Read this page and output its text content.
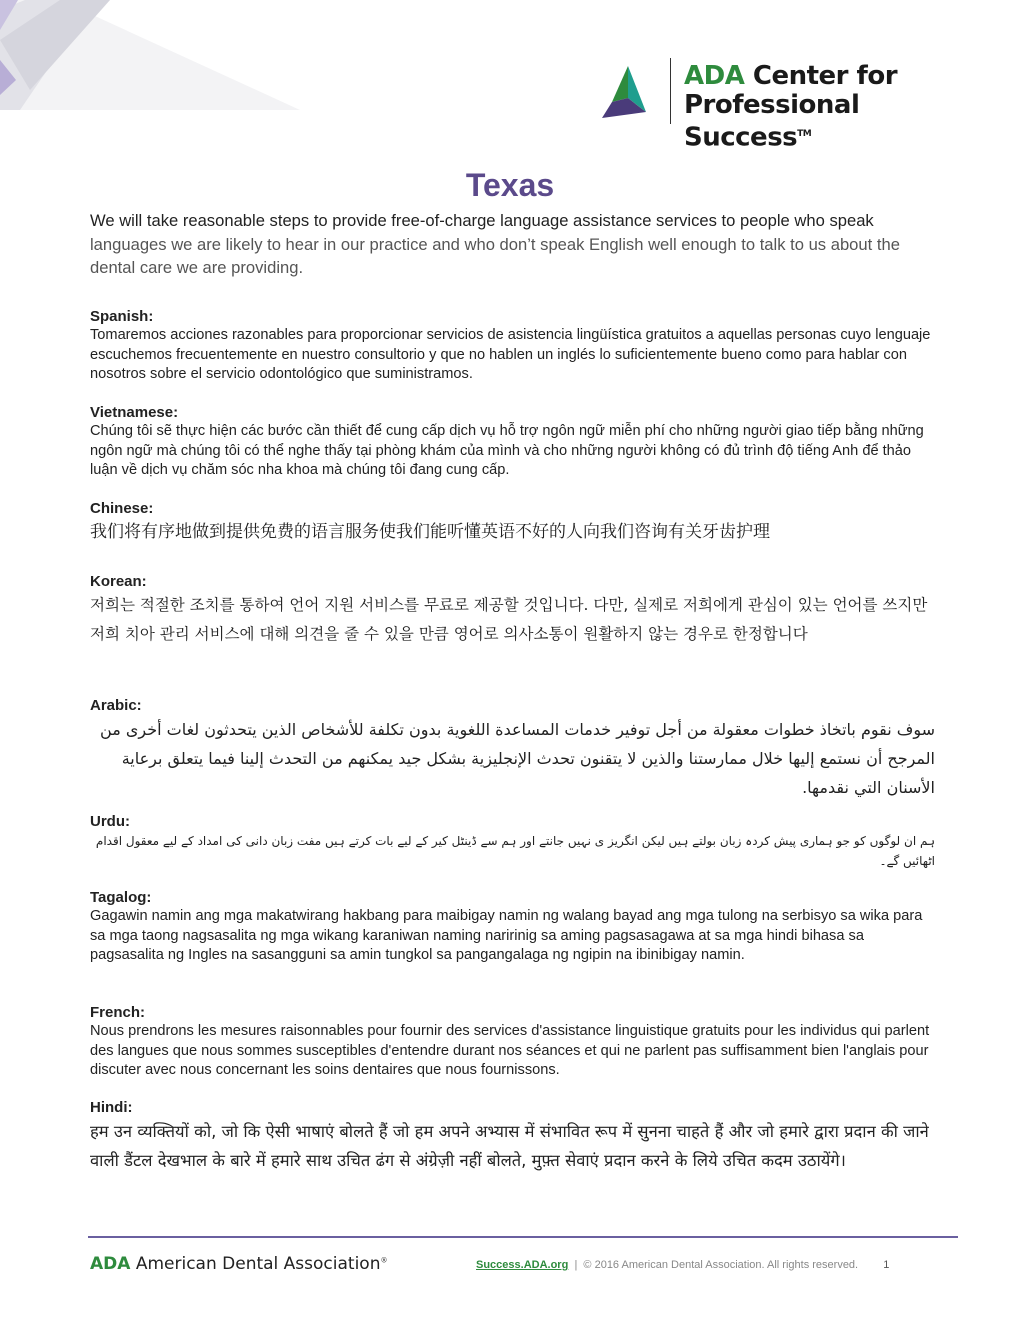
ADA Center for
Professional Success™
Texas

We will take reasonable steps to provide free-of-charge language assistance services to people who speak languages we are likely to hear in our practice and who don’t speak English well enough to talk to us about the dental care we are providing.

Spanish:

Tomaremos acciones razonables para proporcionar servicios de asistencia lingüística gratuitos a aquellas personas cuyo lenguaje escuchemos frecuentemente en nuestro consultorio y que no hablen un inglés lo suficientemente bueno como para hablar con nosotros sobre el servicio odontológico que suministramos.

Vietnamese:

Chúng tôi sẽ thực hiện các bước cần thiết để cung cấp dịch vụ hỗ trợ ngôn ngữ miễn phí cho những người giao tiếp bằng những ngôn ngữ mà chúng tôi có thể nghe thấy tại phòng khám của mình và cho những người không có đủ trình độ tiếng Anh để thảo luận về dịch vụ chăm sóc nha khoa mà chúng tôi đang cung cấp.

Chinese:

我们将有序地做到提供免费的语言服务使我们能听懂英语不好的人向我们咨询有关牙齿护理

Korean:

저희는 적절한 조치를 통하여 언어 지원 서비스를 무료로 제공할 것입니다. 다만, 실제로 저희에게 관심이 있는 언어를 쓰지만 저희 치아 관리 서비스에 대해 의견을 줄 수 있을 만큼 영어로 의사소통이 원활하지 않는 경우로 한정합니다

Arabic:

سوف نقوم باتخاذ خطوات معقولة من أجل توفير خدمات المساعدة اللغوية بدون تكلفة للأشخاص الذين يتحدثون لغات أخرى من المرجح أن نستمع إليها خلال ممارستنا والذين لا يتقنون تحدث الإنجليزية بشكل جيد يمكنهم من التحدث إلينا فيما يتعلق برعاية الأسنان التي نقدمها.

Urdu:

ہم ان لوگوں کو جو ہماری پیش کردہ زبان بولتے ہیں لیکن انگریز ی نہیں جانتے اور ہم سے ڈینٹل کیر کے لیے بات کرتے ہیں مفت زبان دانی کی امداد کے لیے معقول اقدام اٹھائیں گے۔

Tagalog:

Gagawin namin ang mga makatwirang hakbang para maibigay namin ng walang bayad ang mga tulong na serbisyo sa wika para sa mga taong nagsasalita ng mga wikang karaniwan naming naririnig sa aming pagsasagawa at sa mga hindi bihasa sa pagsasalita ng Ingles na sasangguni sa amin tungkol sa pangangalaga ng ngipin na ibinibigay namin.

French:

Nous prendrons les mesures raisonnables pour fournir des services d'assistance linguistique gratuits pour les individus qui parlent des langues que nous sommes susceptibles d'entendre durant nos séances et qui ne parlent pas suffisamment bien l'anglais pour discuter avec nous concernant les soins dentaires que nous fournissons.

Hindi:

हम उन व्यक्तियों को, जो कि ऐसी भाषाएं बोलते हैं जो हम अपने अभ्यास में संभावित रूप में सुनना चाहते हैं और जो हमारे द्वारा प्रदान की जाने वाली डैंटल देखभाल के बारे में हमारे साथ उचित ढंग से अंग्रेज़ी नहीं बोलते, मुफ़्त सेवाएं प्रदान करने के लिये उचित कदम उठायेंगे।

ADA American Dental Association®	Success.ADA.org | © 2016 American Dental Association. All rights reserved. 1
